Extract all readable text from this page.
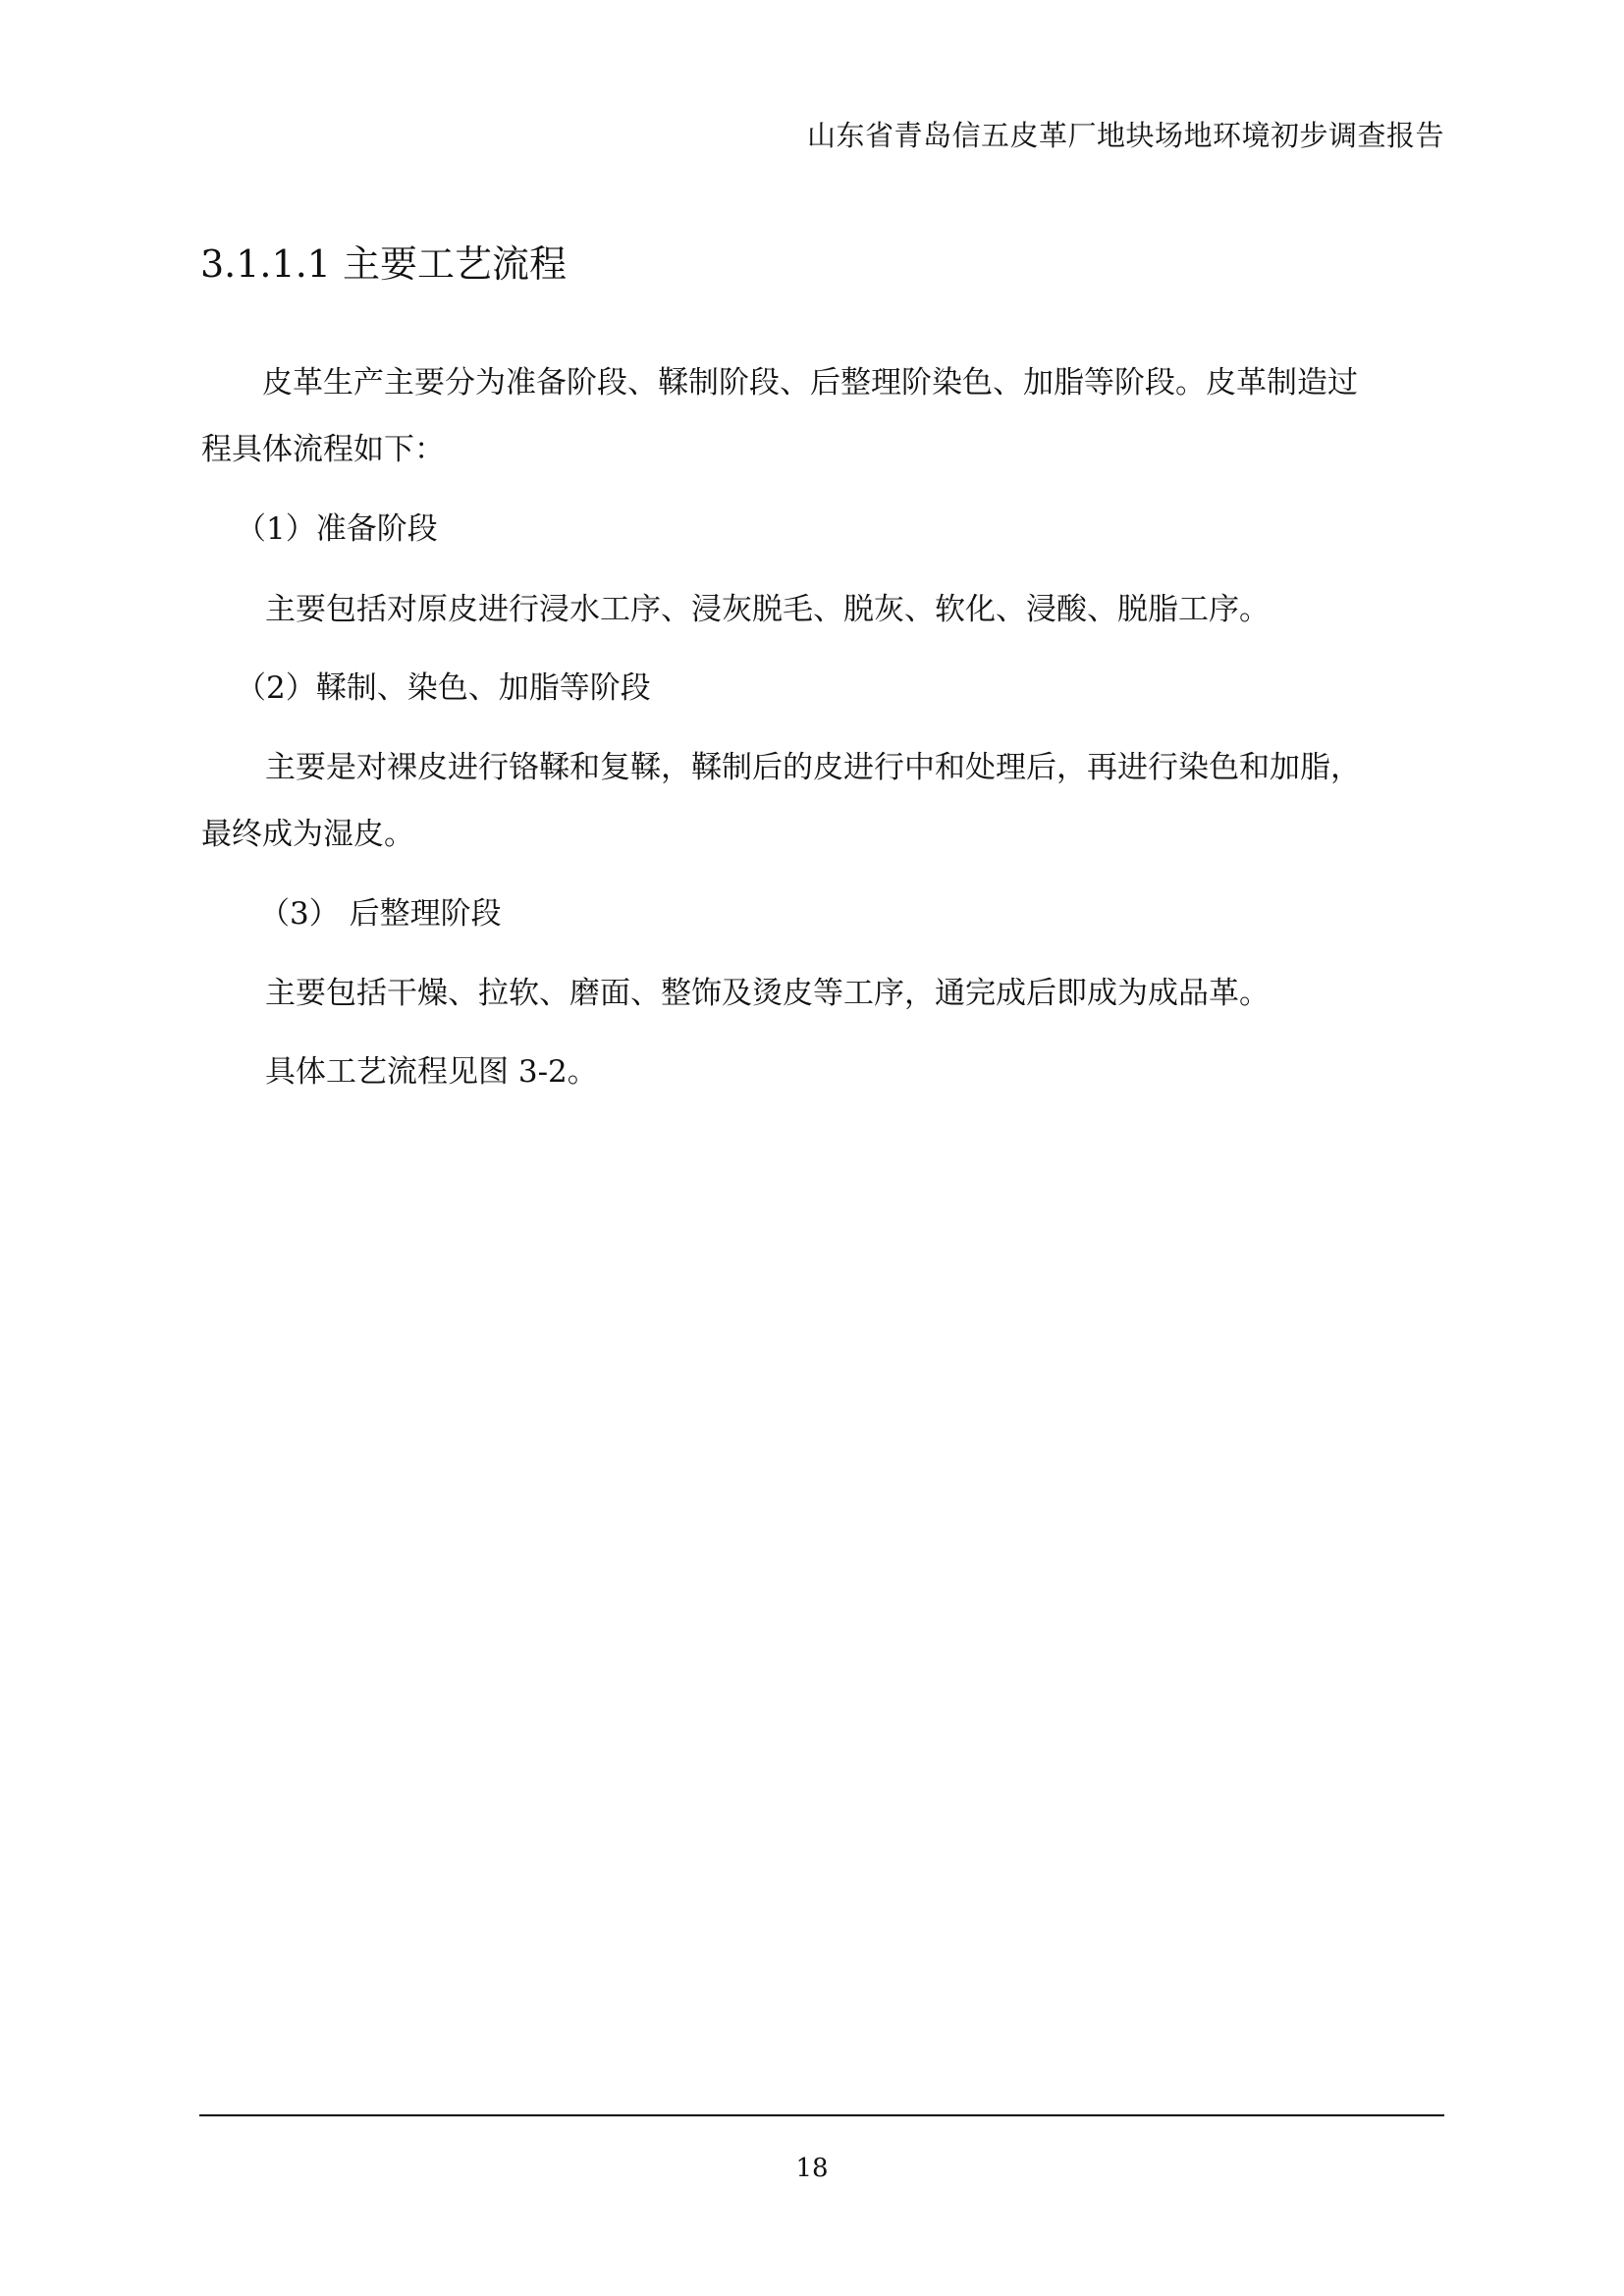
山东省青岛信五皮革厂地块场地环境初步调查报告
3.1.1.1 主要工艺流程
皮革生产主要分为准备阶段、鞣制阶段、后整理阶染色、加脂等阶段。皮革制造过
程具体流程如下：
（1）准备阶段
主要包括对原皮进行浸水工序、浸灰脱毛、脱灰、软化、浸酸、脱脂工序。
（2）鞣制、染色、加脂等阶段
主要是对裸皮进行铬鞣和复鞣，鞣制后的皮进行中和处理后，再进行染色和加脂，
最终成为湿皮。
（3） 后整理阶段
主要包括干燥、拉软、磨面、整饰及烫皮等工序，通完成后即成为成品革。
具体工艺流程见图 3-2。
18
